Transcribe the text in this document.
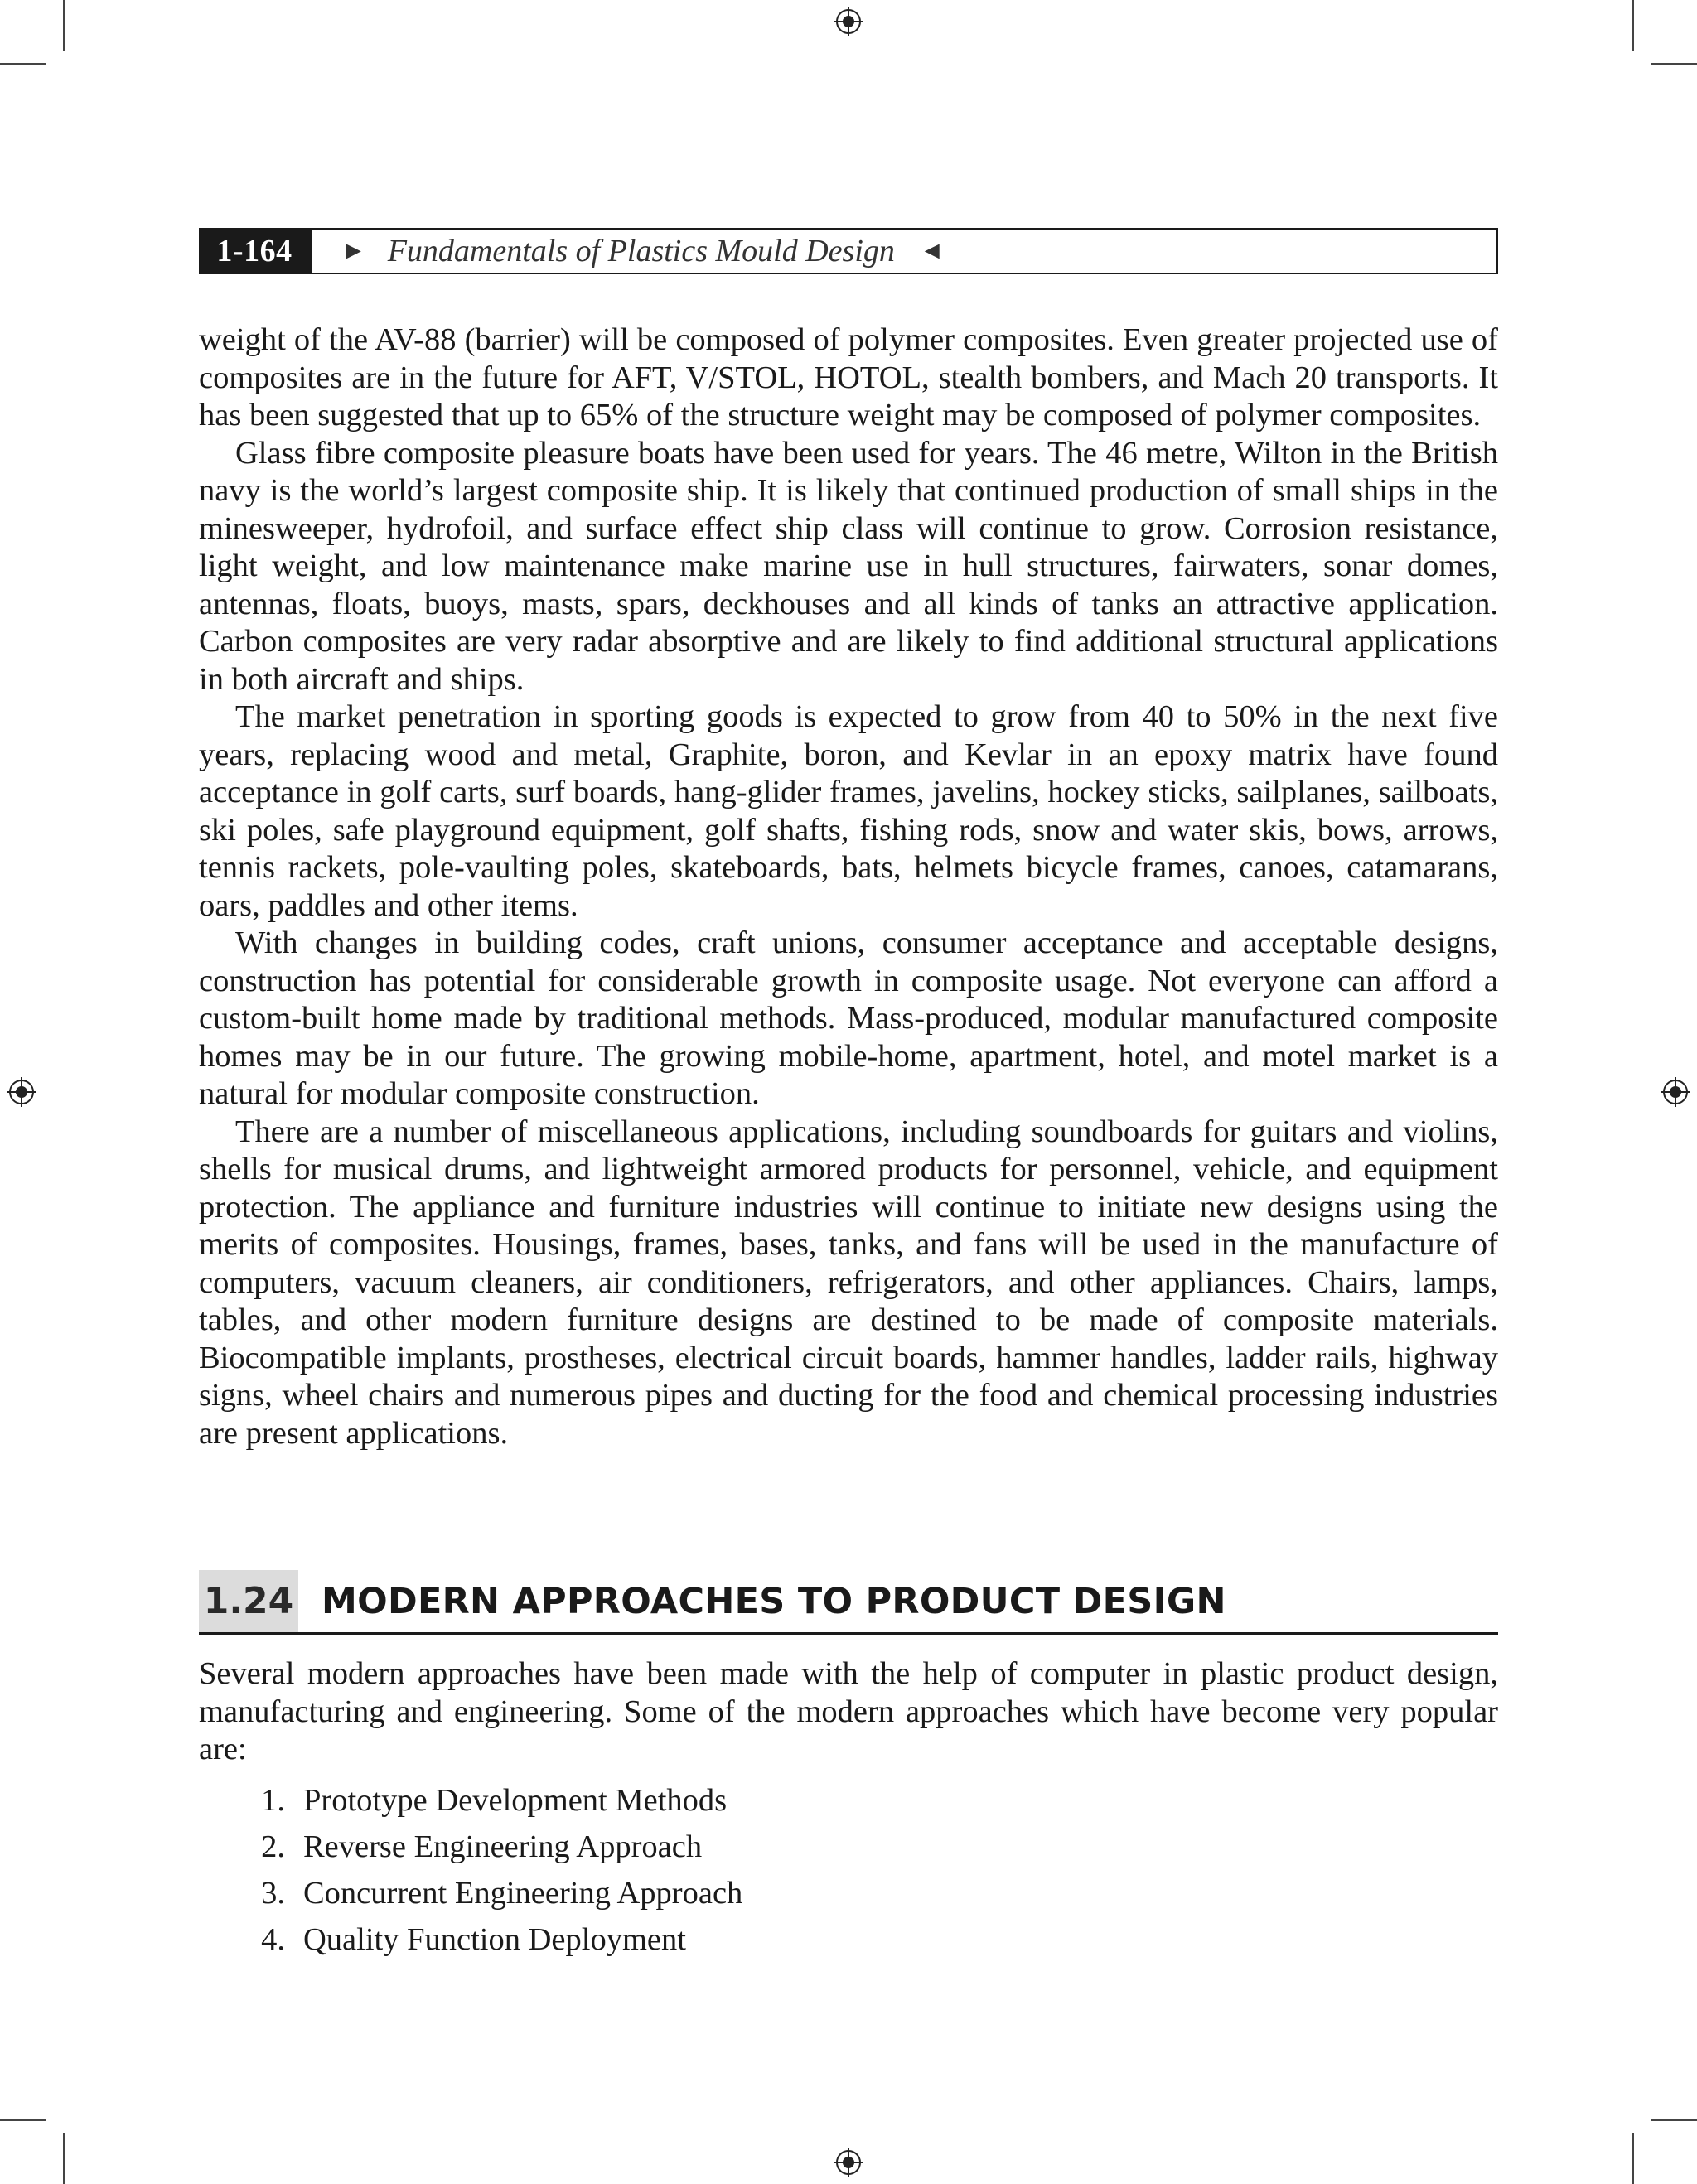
1-164	► Fundamentals of Plastics Mould Design ◄

weight of the AV-88 (barrier) will be composed of polymer composites. Even greater projected use of composites are in the future for AFT, V/STOL, HOTOL, stealth bombers, and Mach 20 transports. It has been suggested that up to 65% of the structure weight may be composed of polymer composites.

Glass fibre composite pleasure boats have been used for years. The 46 metre, Wilton in the British navy is the world’s largest composite ship. It is likely that continued production of small ships in the minesweeper, hydrofoil, and surface effect ship class will continue to grow. Corrosion resistance, light weight, and low maintenance make marine use in hull structures, fairwaters, sonar domes, antennas, floats, buoys, masts, spars, deckhouses and all kinds of tanks an attractive application. Carbon composites are very radar absorptive and are likely to find additional structural applications in both aircraft and ships.

The market penetration in sporting goods is expected to grow from 40 to 50% in the next five years, replacing wood and metal, Graphite, boron, and Kevlar in an epoxy matrix have found acceptance in golf carts, surf boards, hang-glider frames, javelins, hockey sticks, sailplanes, sailboats, ski poles, safe playground equipment, golf shafts, fishing rods, snow and water skis, bows, arrows, tennis rackets, pole-vaulting poles, skateboards, bats, helmets bicycle frames, canoes, catamarans, oars, paddles and other items.

With changes in building codes, craft unions, consumer acceptance and acceptable designs, construction has potential for considerable growth in composite usage. Not everyone can afford a custom-built home made by traditional methods. Mass-produced, modular manufactured composite homes may be in our future. The growing mobile-home, apartment, hotel, and motel market is a natural for modular composite construction.

There are a number of miscellaneous applications, including soundboards for guitars and violins, shells for musical drums, and lightweight armored products for personnel, vehicle, and equipment protection. The appliance and furniture industries will continue to initiate new designs using the merits of composites. Housings, frames, bases, tanks, and fans will be used in the manufacture of computers, vacuum cleaners, air conditioners, refrigerators, and other appliances. Chairs, lamps, tables, and other modern furniture designs are destined to be made of composite materials. Biocompatible implants, prostheses, electrical circuit boards, hammer handles, ladder rails, highway signs, wheel chairs and numerous pipes and ducting for the food and chemical processing industries are present applications.

1.24 MODERN APPROACHES TO PRODUCT DESIGN

Several modern approaches have been made with the help of computer in plastic product design, manufacturing and engineering. Some of the modern approaches which have become very popular are:

1. Prototype Development Methods
2. Reverse Engineering Approach
3. Concurrent Engineering Approach
4. Quality Function Deployment
